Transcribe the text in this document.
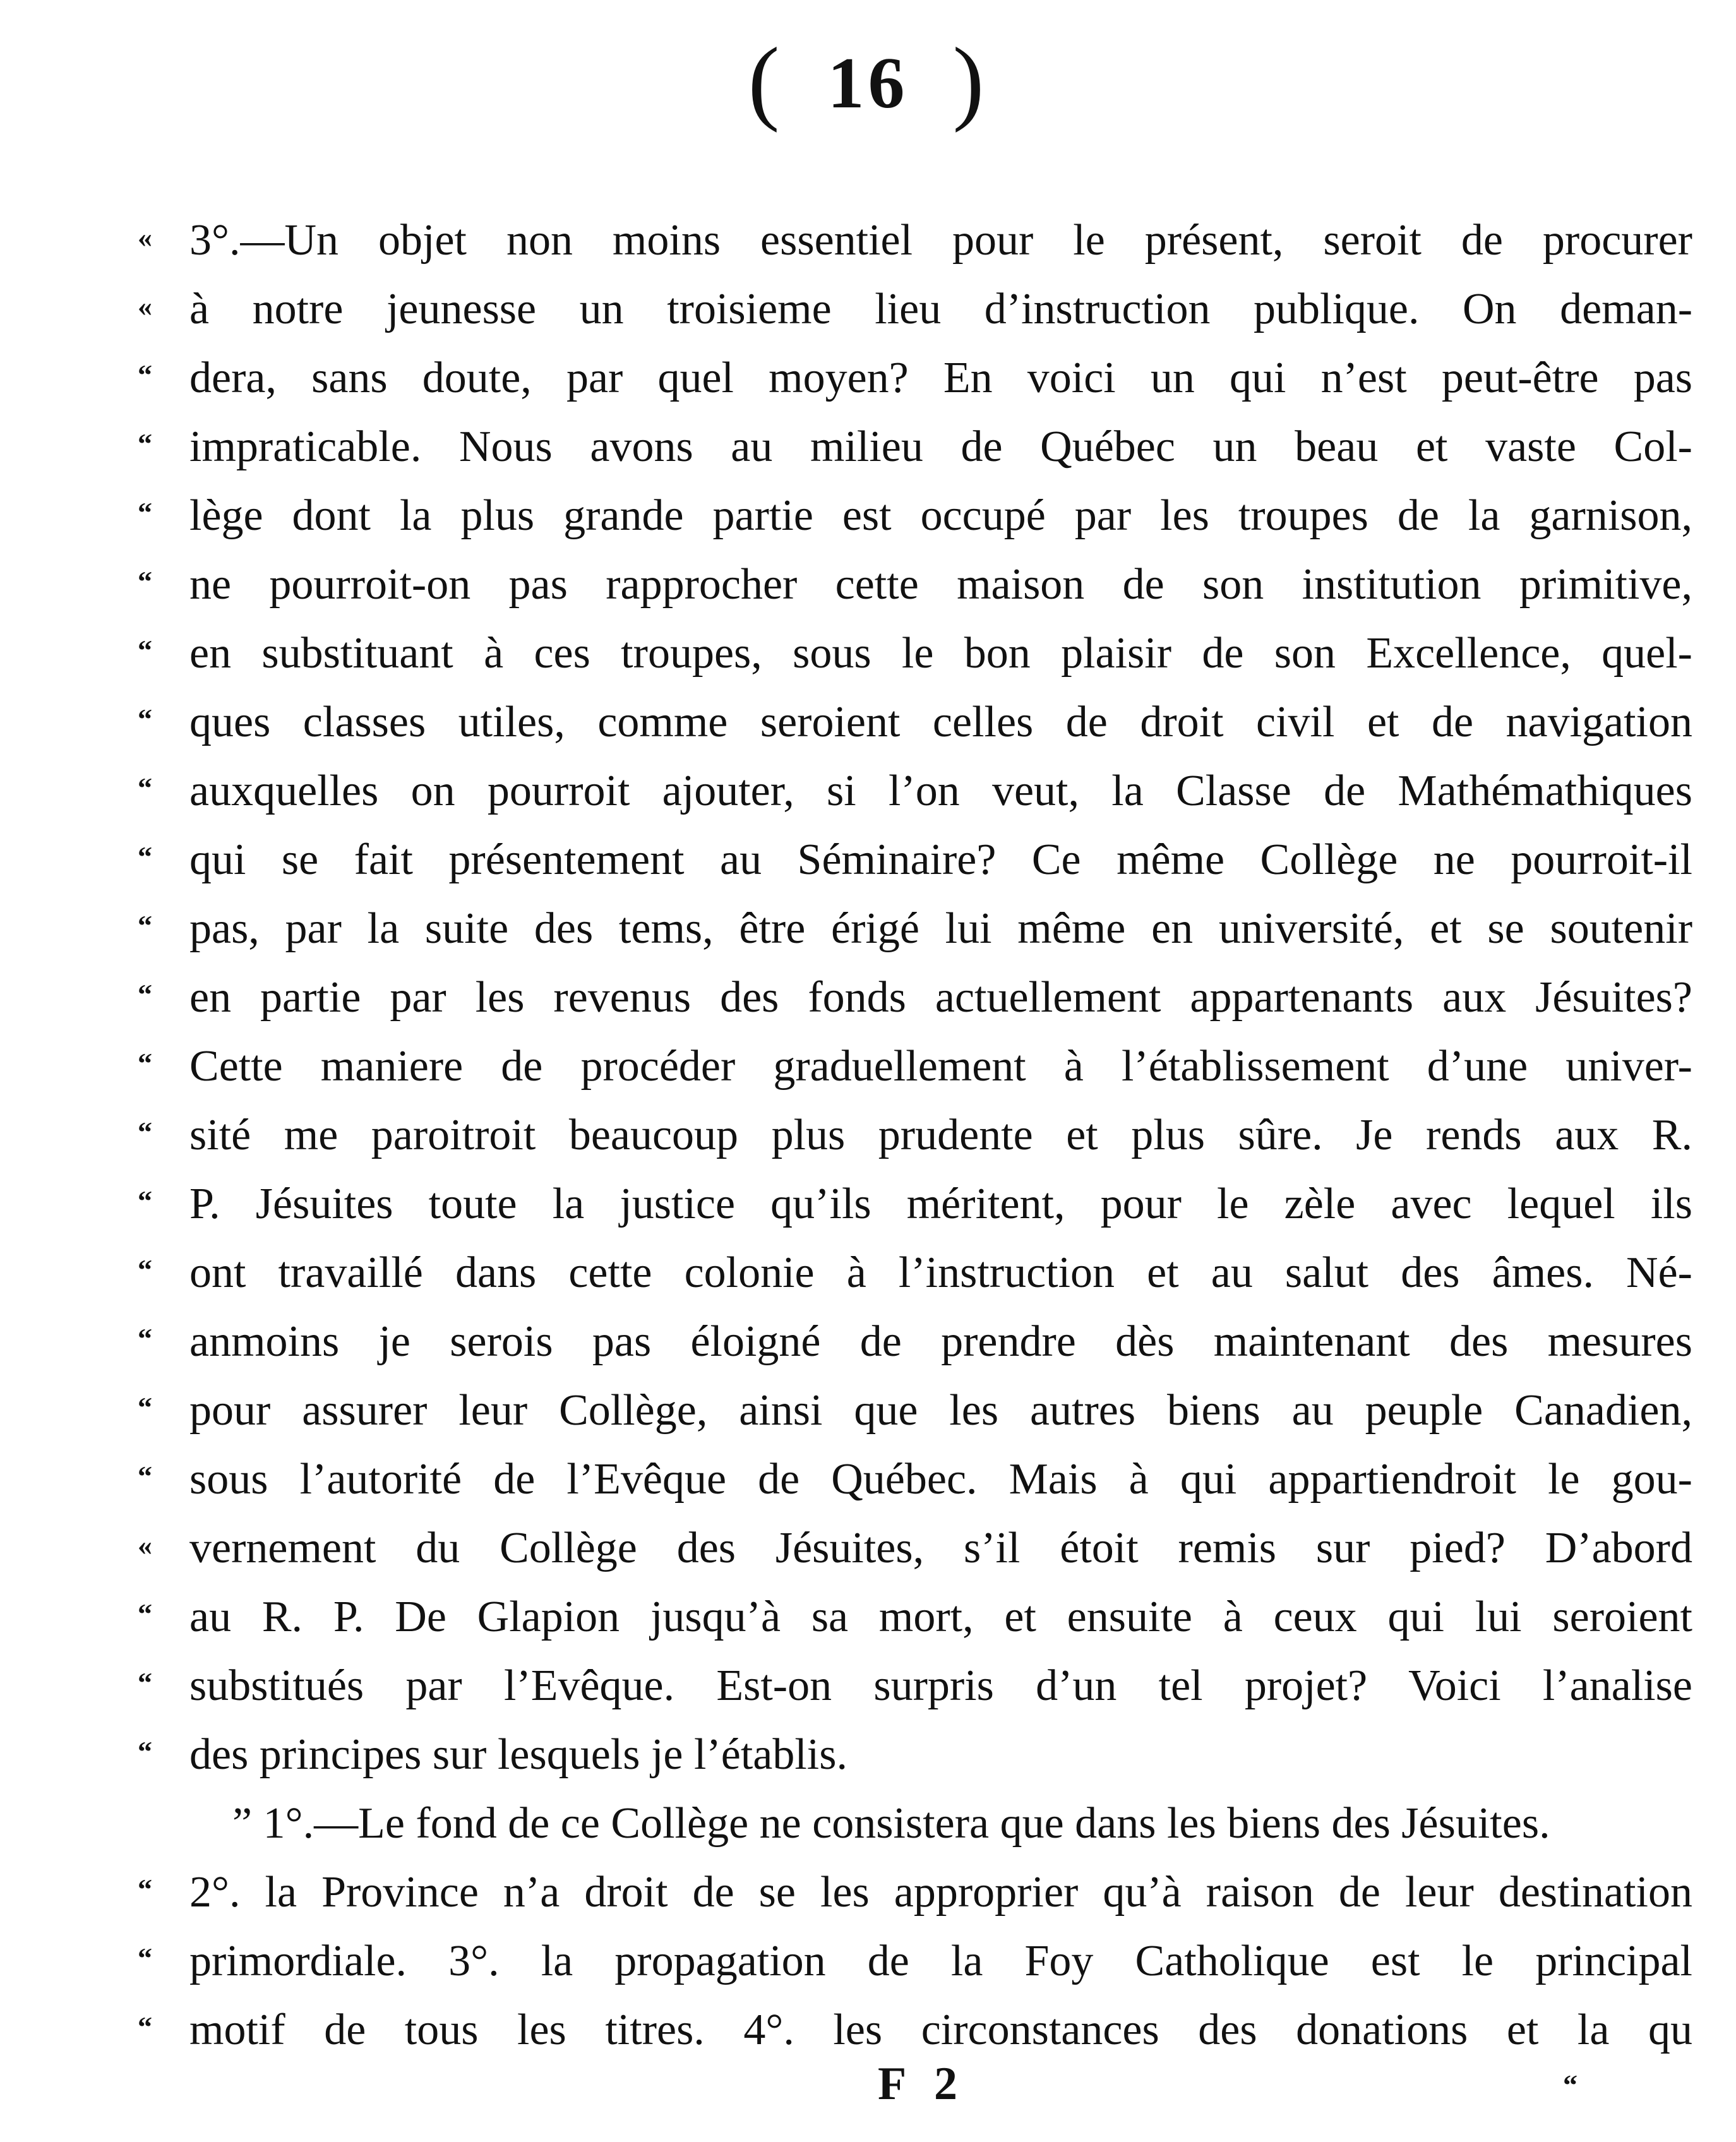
( 16 )
« 3°.—Un objet non moins essentiel pour le présent, seroit de procurer
« à notre jeunesse un troisieme lieu d’instruction publique. On deman-
“ dera, sans doute, par quel moyen? En voici un qui n’est peut-être pas
“ impraticable. Nous avons au milieu de Québec un beau et vaste Col-
“ lège dont la plus grande partie est occupé par les troupes de la garnison,
“ ne pourroit-on pas rapprocher cette maison de son institution primitive,
“ en substituant à ces troupes, sous le bon plaisir de son Excellence, quel-
“ ques classes utiles, comme seroient celles de droit civil et de navigation
“ auxquelles on pourroit ajouter, si l’on veut, la Classe de Mathémathiques
“ qui se fait présentement au Séminaire? Ce même Collège ne pourroit-il
“ pas, par la suite des tems, être érigé lui même en université, et se soutenir
“ en partie par les revenus des fonds actuellement appartenants aux Jésuites?
“ Cette maniere de procéder graduellement à l’établissement d’une univer-
“ sité me paroitroit beaucoup plus prudente et plus sûre. Je rends aux R.
“ P. Jésuites toute la justice qu’ils méritent, pour le zèle avec lequel ils
“ ont travaillé dans cette colonie à l’instruction et au salut des âmes. Né-
“ anmoins je serois pas éloigné de prendre dès maintenant des mesures
“ pour assurer leur Collège, ainsi que les autres biens au peuple Canadien,
“ sous l’autorité de l’Evêque de Québec. Mais à qui appartiendroit le gou-
« vernement du Collège des Jésuites, s’il étoit remis sur pied? D’abord
“ au R. P. De Glapion jusqu’à sa mort, et ensuite à ceux qui lui seroient
“ substitués par l’Evêque. Est-on surpris d’un tel projet? Voici l’analise
“ des principes sur lesquels je l’établis.
” 1°.—Le fond de ce Collège ne consistera que dans les biens des Jésuites.
“ 2°. la Province n’a droit de se les approprier qu’à raison de leur destination
“ primordiale. 3°. la propagation de la Foy Catholique est le principal
“ motif de tous les titres. 4°. les circonstances des donations et la qu
F 2	“
